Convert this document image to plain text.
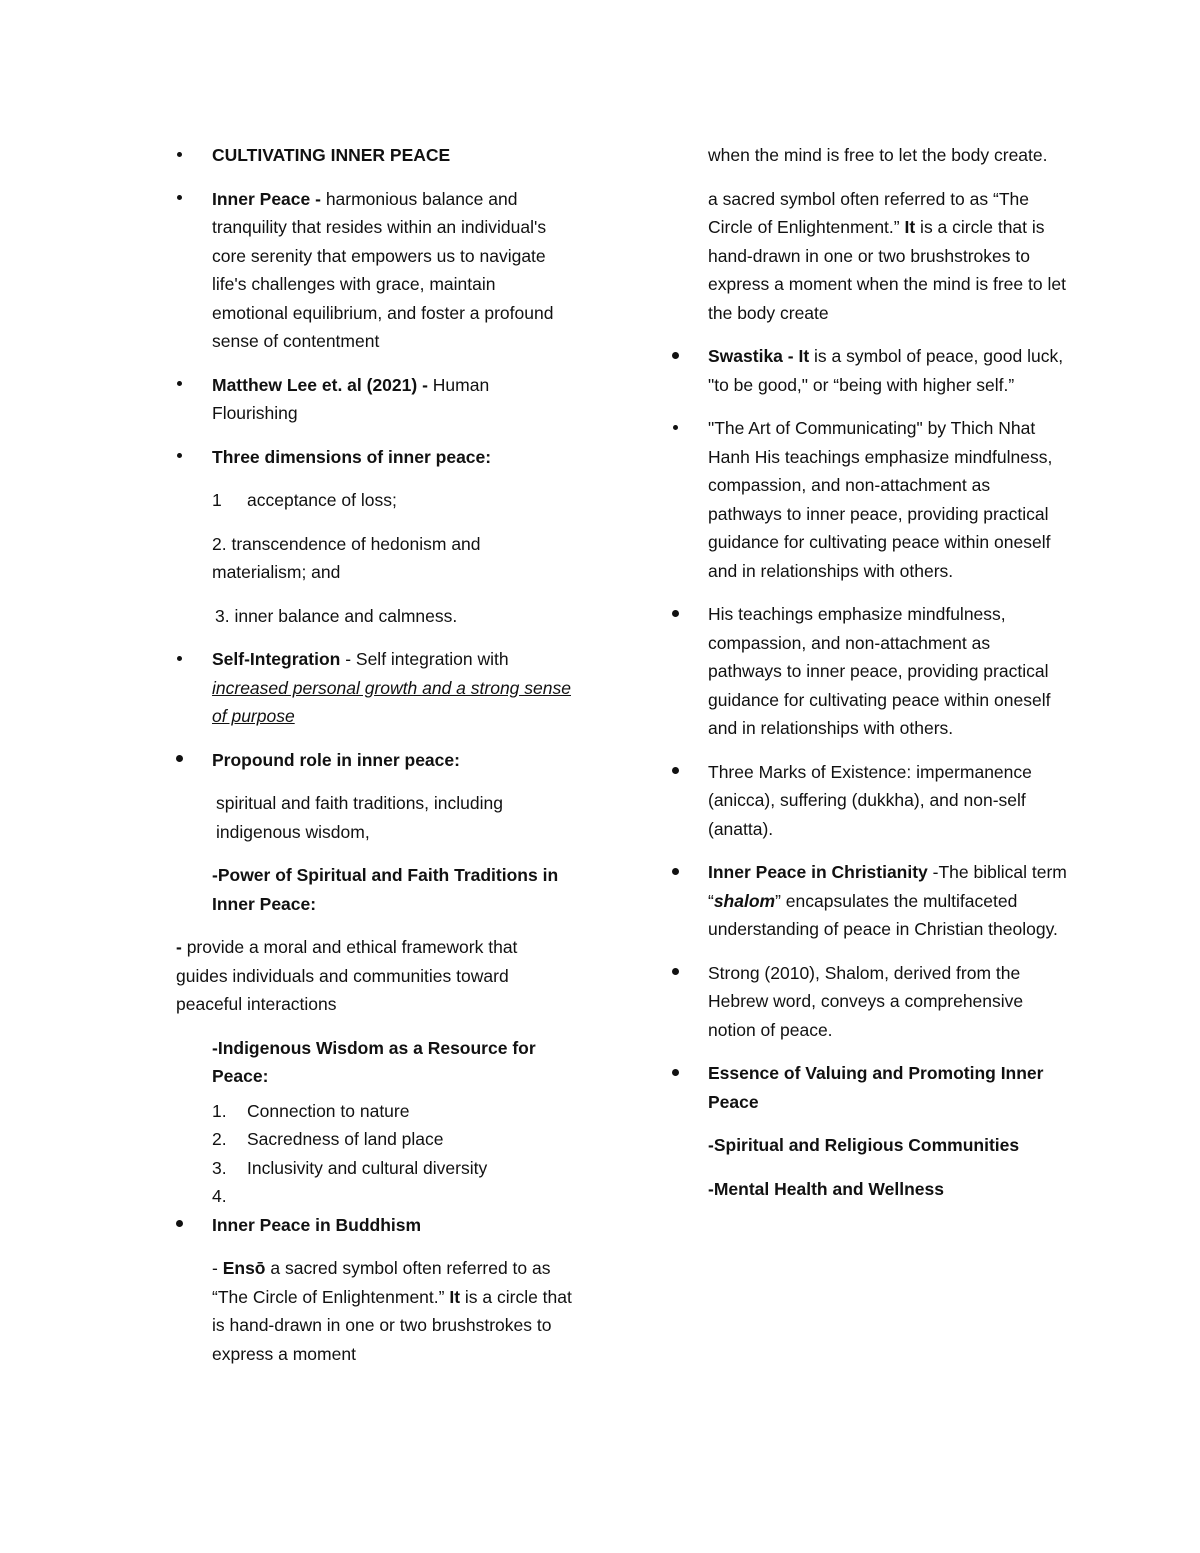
CULTIVATING INNER PEACE
Inner Peace - harmonious balance and tranquility that resides within an individual's core serenity that empowers us to navigate life's challenges with grace, maintain emotional equilibrium, and foster a profound sense of contentment
Matthew Lee et. al (2021) - Human Flourishing
Three dimensions of inner peace:
1 acceptance of loss;
2. transcendence of hedonism and materialism; and
3. inner balance and calmness.
Self-Integration - Self integration with increased personal growth and a strong sense of purpose
Propound role in inner peace:
spiritual and faith traditions, including indigenous wisdom,
-Power of Spiritual and Faith Traditions in Inner Peace:
- provide a moral and ethical framework that guides individuals and communities toward peaceful interactions
-Indigenous Wisdom as a Resource for Peace:
1. Connection to nature
2. Sacredness of land place
3. Inclusivity and cultural diversity
4.

Inner Peace in Buddhism
- Ensō a sacred symbol often referred to as “The Circle of Enlightenment.” It is a circle that is hand-drawn in one or two brushstrokes to express a moment
when the mind is free to let the body create.
a sacred symbol often referred to as “The Circle of Enlightenment.” It is a circle that is hand-drawn in one or two brushstrokes to express a moment when the mind is free to let the body create
Swastika - It is a symbol of peace, good luck, "to be good," or “being with higher self.”
"The Art of Communicating" by Thich Nhat Hanh His teachings emphasize mindfulness, compassion, and non-attachment as pathways to inner peace, providing practical guidance for cultivating peace within oneself and in relationships with others.
His teachings emphasize mindfulness, compassion, and non-attachment as pathways to inner peace, providing practical guidance for cultivating peace within oneself and in relationships with others.
Three Marks of Existence: impermanence (anicca), suffering (dukkha), and non-self (anatta).
Inner Peace in Christianity -The biblical term “shalom” encapsulates the multifaceted understanding of peace in Christian theology.
Strong (2010), Shalom, derived from the Hebrew word, conveys a comprehensive notion of peace.
Essence of Valuing and Promoting Inner Peace
-Spiritual and Religious Communities
-Mental Health and Wellness
